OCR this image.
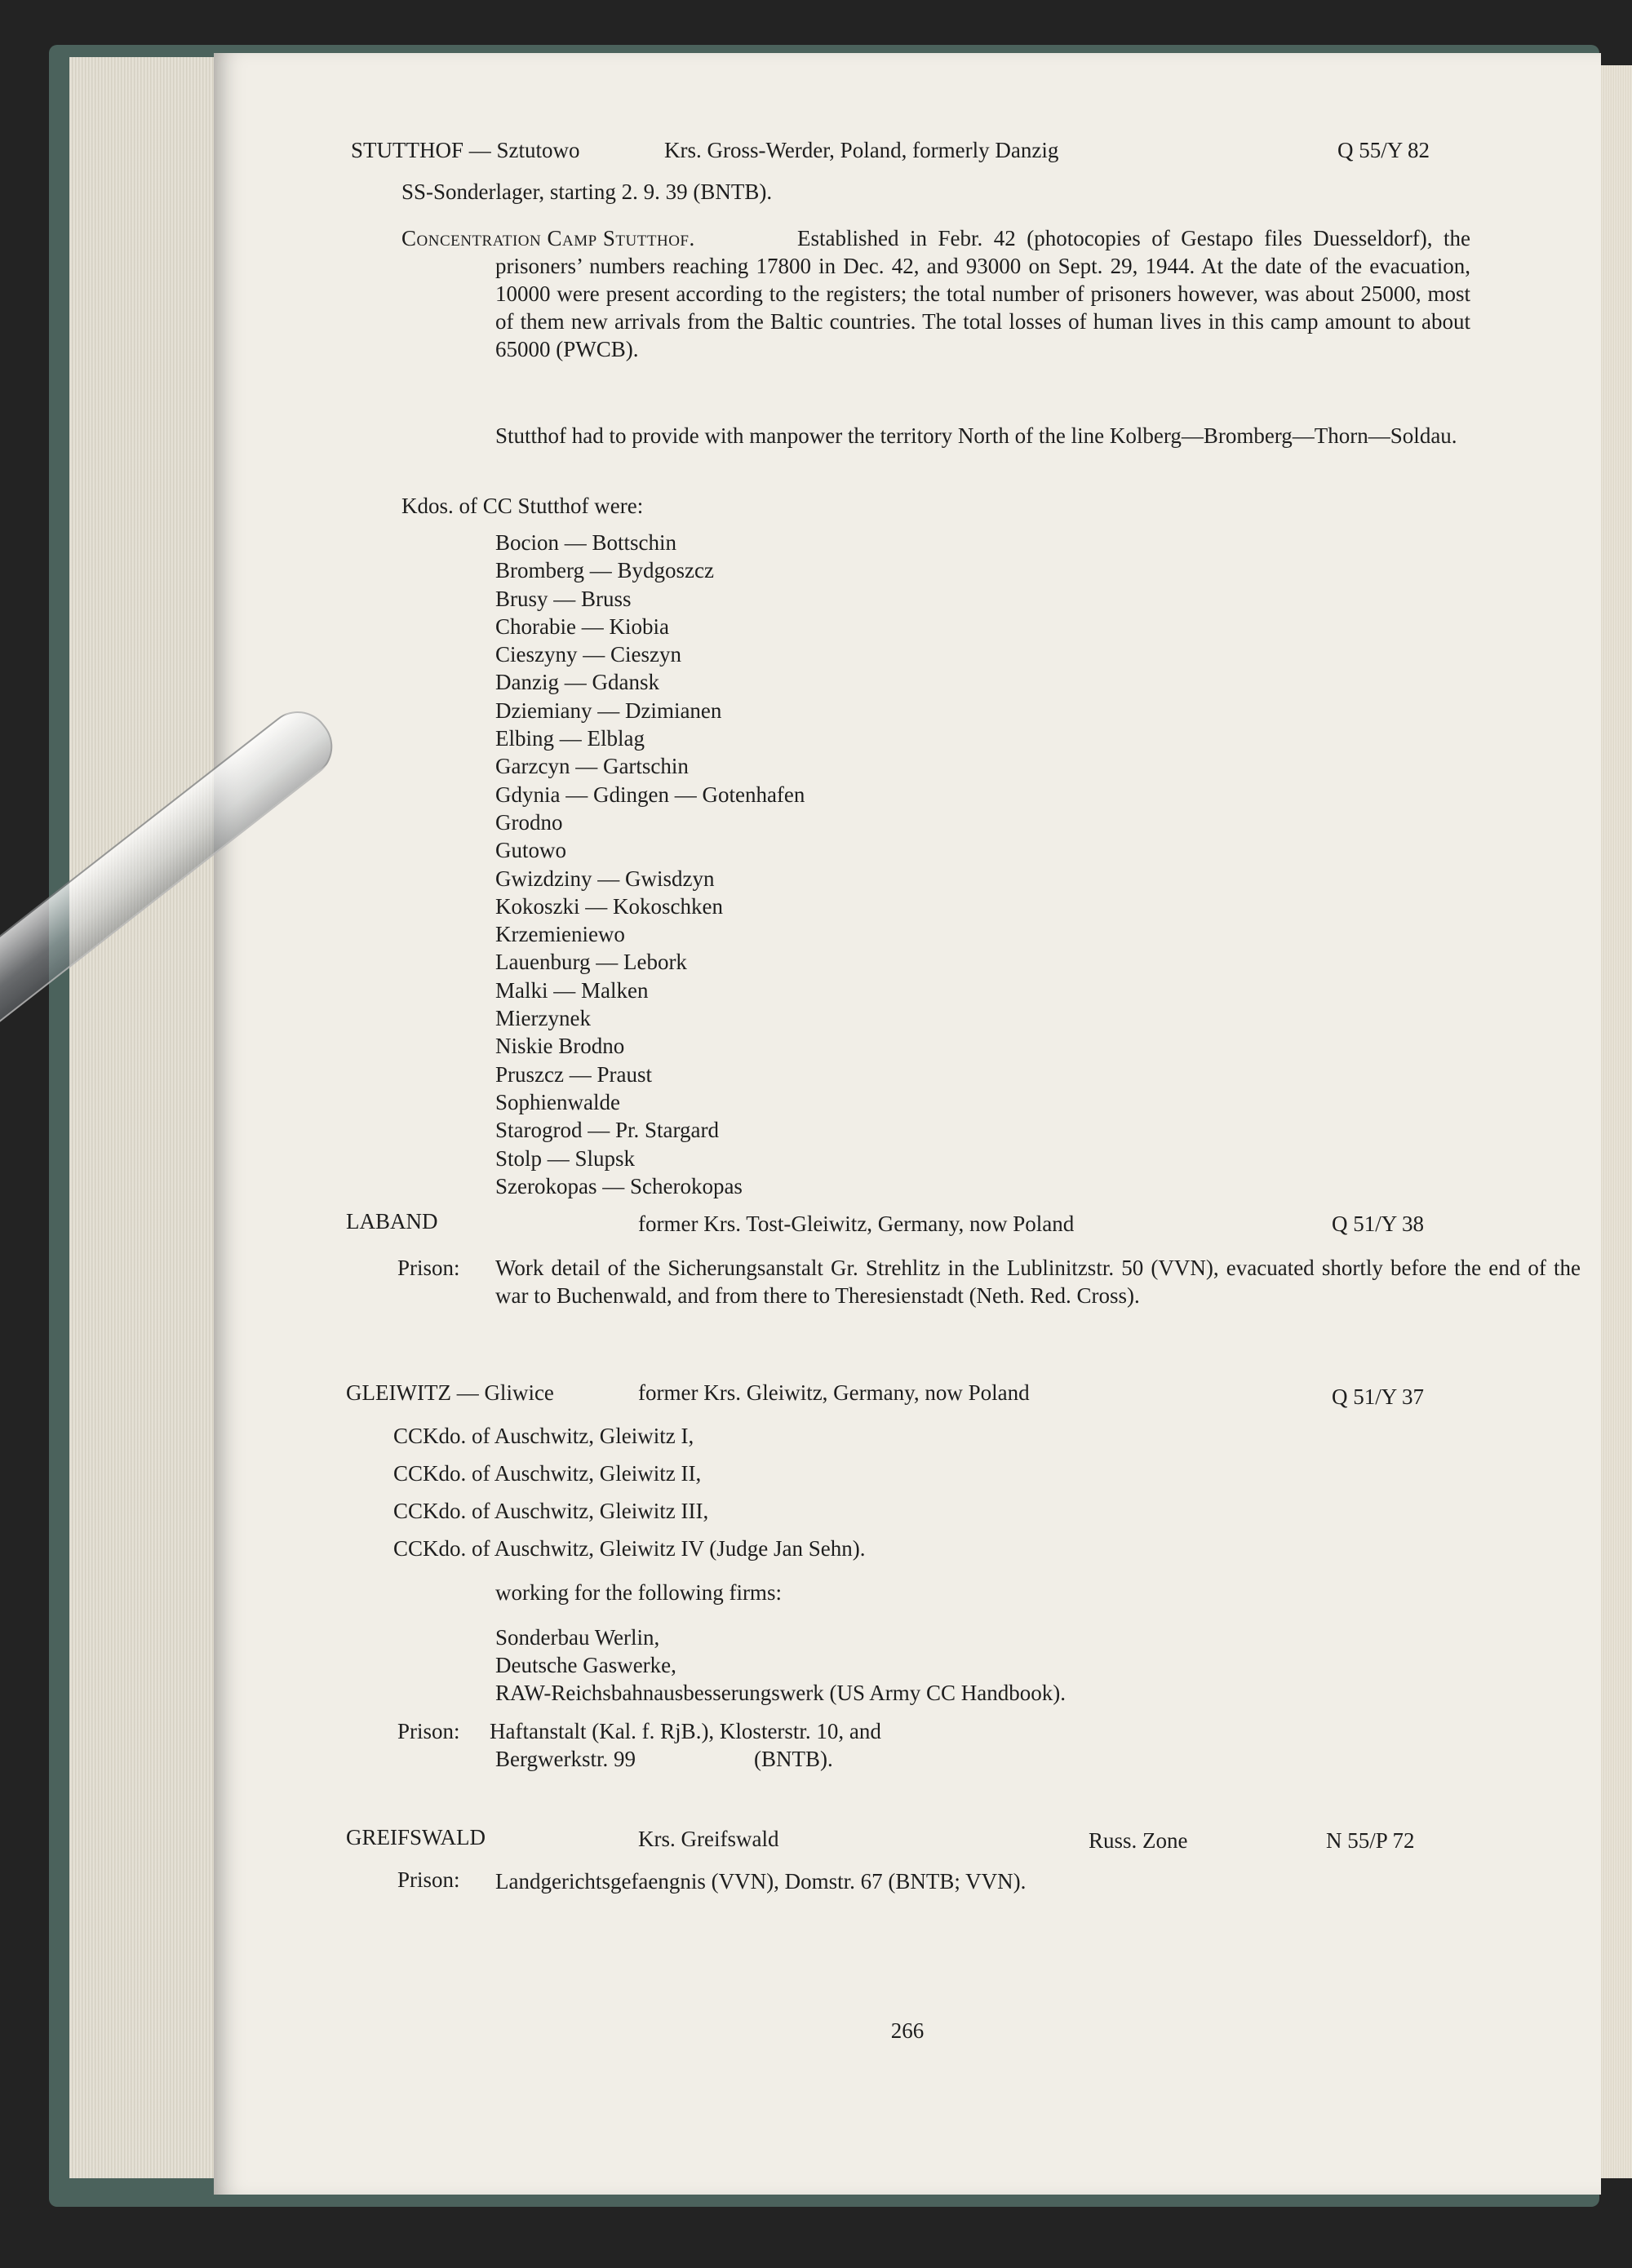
STUTTHOF — Sztutowo	Krs. Gross-Werder, Poland, formerly Danzig	Q 55/Y 82

SS-Sonderlager, starting 2. 9. 39 (BNTB).

Concentration Camp Stutthof.	Established in Febr. 42 (photocopies of Gestapo files Duesseldorf), the prisoners’ numbers reaching 17800 in Dec. 42, and 93000 on Sept. 29, 1944. At the date of the evacuation, 10000 were present according to the registers; the total number of prisoners however, was about 25000, most of them new arrivals from the Baltic countries. The total losses of human lives in this camp amount to about 65000 (PWCB).

Stutthof had to provide with manpower the territory North of the line Kolberg—Bromberg—Thorn—Soldau.

Kdos. of CC Stutthof were:

Bocion — Bottschin
Bromberg — Bydgoszcz
Brusy — Bruss
Chorabie — Kiobia
Cieszyny — Cieszyn
Danzig — Gdansk
Dziemiany — Dzimianen
Elbing — Elblag
Garzcyn — Gartschin
Gdynia — Gdingen — Gotenhafen
Grodno
Gutowo
Gwizdziny — Gwisdzyn
Kokoszki — Kokoschken
Krzemieniewo
Lauenburg — Lebork
Malki — Malken
Mierzynek
Niskie Brodno
Pruszcz — Praust
Sophienwalde
Starogrod — Pr. Stargard
Stolp — Slupsk
Szerokopas — Scherokopas

LABAND	former Krs. Tost-Gleiwitz, Germany, now Poland	Q 51/Y 38

Prison: Work detail of the Sicherungsanstalt Gr. Strehlitz in the Lublinitzstr. 50 (VVN), evacuated shortly before the end of the war to Buchenwald, and from there to Theresienstadt (Neth. Red. Cross).

GLEIWITZ — Gliwice	former Krs. Gleiwitz, Germany, now Poland	Q 51/Y 37

CCKdo. of Auschwitz, Gleiwitz I,

CCKdo. of Auschwitz, Gleiwitz II,

CCKdo. of Auschwitz, Gleiwitz III,

CCKdo. of Auschwitz, Gleiwitz IV (Judge Jan Sehn).

working for the following firms:

Sonderbau Werlin,
Deutsche Gaswerke,
RAW-Reichsbahnausbesserungswerk (US Army CC Handbook).

Prison: Haftanstalt (Kal. f. RjB.), Klosterstr. 10, and

Bergwerkstr. 99	(BNTB).

GREIFSWALD	Krs. Greifswald	Russ. Zone	N 55/P 72

Prison: Landgerichtsgefaengnis (VVN), Domstr. 67 (BNTB; VVN).

266
